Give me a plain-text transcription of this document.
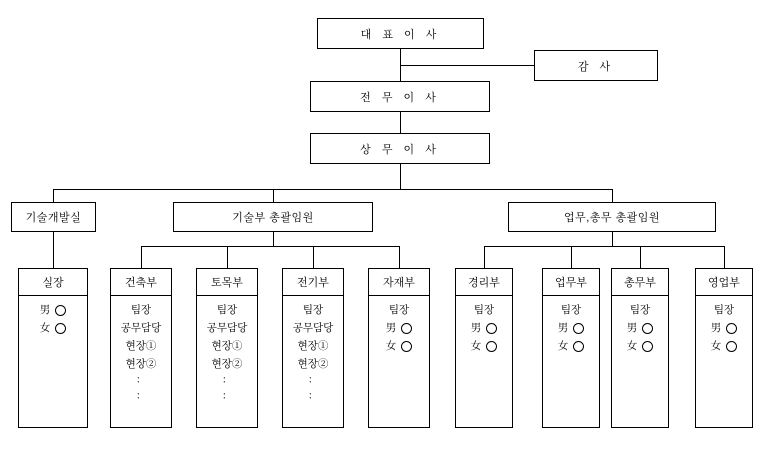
대 표 이 사
감 사
전 무 이 사
상 무 이 사
기술개발실	기술부 총괄임원	업무,총무 총괄임원
실장
男
女
건축부
팀장
공무담당
현장①
현장②
：
：
토목부
팀장
공무담당
현장①
현장②
：
：
전기부
팀장
공무담당
현장①
현장②
：
：
자재부
팀장
男
女
경리부
팀장
男
女
업무부
팀장
男
女
총무부
팀장
男
女
영업부
팀장
男
女
